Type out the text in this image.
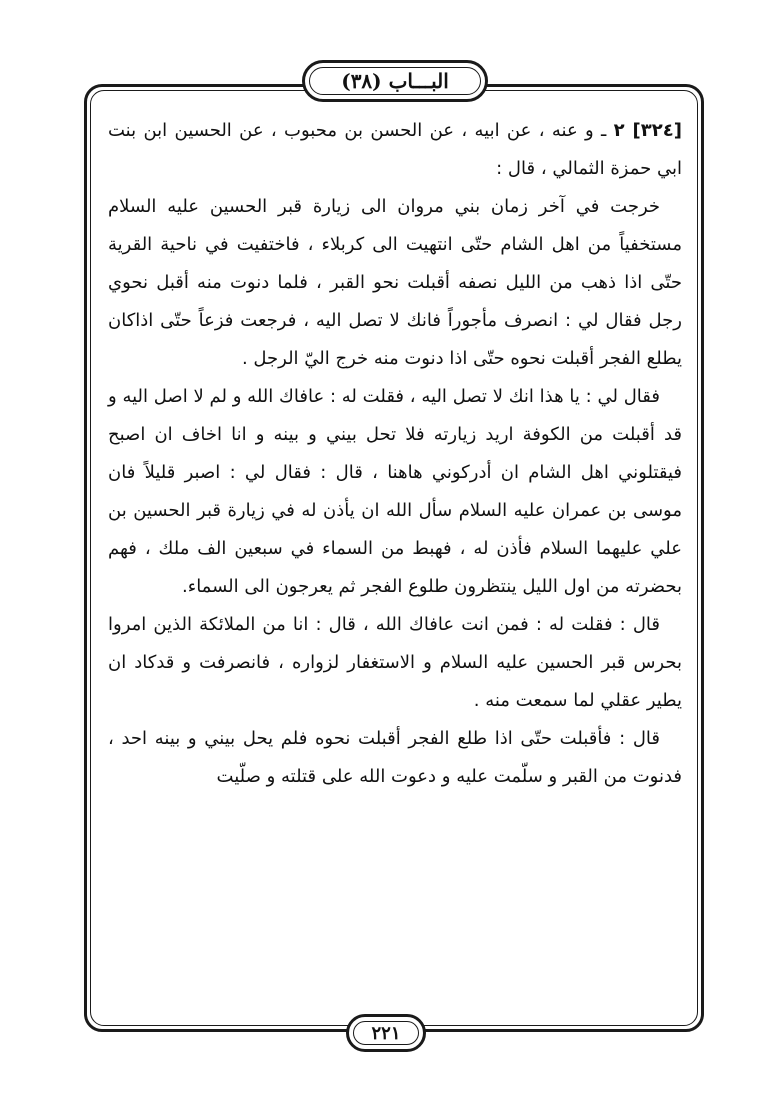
البـــاب (٣٨)

[٣٢٤] ٢ ـ و عنه ، عن ابيه ، عن الحسن بن محبوب ، عن الحسين ابن بنت ابي حمزة الثمالي ، قال :

خرجت في آخر زمان بني مروان الى زيارة قبر الحسين عليه السلام مستخفياً من اهل الشام حتّى انتهيت الى كربلاء ، فاختفيت في ناحية القرية حتّى اذا ذهب من الليل نصفه أقبلت نحو القبر ، فلما دنوت منه أقبل نحوي رجل فقال لي : انصرف مأجوراً فانك لا تصل اليه ، فرجعت فزعاً حتّى اذاكان يطلع الفجر أقبلت نحوه حتّى اذا دنوت منه خرج اليّ الرجل .

فقال لي : يا هذا انك لا تصل اليه ، فقلت له : عافاك الله و لم لا اصل اليه و قد أقبلت من الكوفة اريد زيارته فلا تحل بيني و بينه و انا اخاف ان اصبح فيقتلوني اهل الشام ان أدركوني هاهنا ، قال : فقال لي : اصبر قليلاً فان موسى بن عمران عليه السلام سأل الله ان يأذن له في زيارة قبر الحسين بن علي عليهما السلام فأذن له ، فهبط من السماء في سبعين الف ملك ، فهم بحضرته من اول الليل ينتظرون طلوع الفجر ثم يعرجون الى السماء.

قال : فقلت له : فمن انت عافاك الله ، قال : انا من الملائكة الذين امروا بحرس قبر الحسين عليه السلام و الاستغفار لزواره ، فانصرفت و قدكاد ان يطير عقلي لما سمعت منه .

قال : فأقبلت حتّى اذا طلع الفجر أقبلت نحوه فلم يحل بيني و بينه احد ، فدنوت من القبر و سلّمت عليه و دعوت الله على قتلته و صلّيت

٢٢١
